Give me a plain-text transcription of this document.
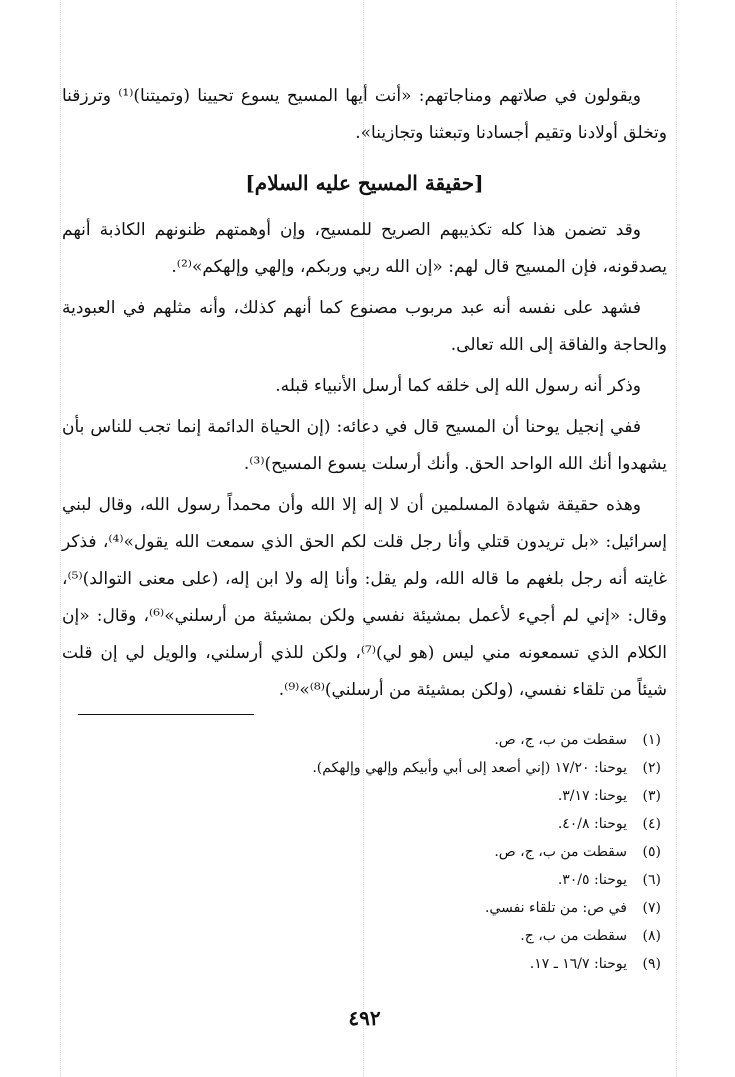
ويقولون في صلاتهم ومناجاتهم: «أنت أيها المسيح يسوع تحيينا (وتميتنا)⁽¹⁾ وترزقنا وتخلق أولادنا وتقيم أجسادنا وتبعثنا وتجازينا».

[حقيقة المسيح عليه السلام]

وقد تضمن هذا كله تكذيبهم الصريح للمسيح، وإن أوهمتهم ظنونهم الكاذبة أنهم يصدقونه، فإن المسيح قال لهم: «إن الله ربي وربكم، وإلهي وإلهكم»⁽²⁾.

فشهد على نفسه أنه عبد مربوب مصنوع كما أنهم كذلك، وأنه مثلهم في العبودية والحاجة والفاقة إلى الله تعالى.

وذكر أنه رسول الله إلى خلقه كما أرسل الأنبياء قبله.

ففي إنجيل يوحنا أن المسيح قال في دعائه: (إن الحياة الدائمة إنما تجب للناس بأن يشهدوا أنك الله الواحد الحق. وأنك أرسلت يسوع المسيح)⁽³⁾.

وهذه حقيقة شهادة المسلمين أن لا إله إلا الله وأن محمداً رسول الله، وقال لبني إسرائيل: «بل تريدون قتلي وأنا رجل قلت لكم الحق الذي سمعت الله يقول»⁽⁴⁾، فذكر غايته أنه رجل بلغهم ما قاله الله، ولم يقل: وأنا إله ولا ابن إله، (على معنى التوالد)⁽⁵⁾، وقال: «إني لم أجيء لأعمل بمشيئة نفسي ولكن بمشيئة من أرسلني»⁽⁶⁾، وقال: «إن الكلام الذي تسمعونه مني ليس (هو لي)⁽⁷⁾، ولكن للذي أرسلني، والويل لي إن قلت شيئاً من تلقاء نفسي، (ولكن بمشيئة من أرسلني)⁽⁸⁾»⁽⁹⁾.

(١)
سقطت من ب، ج، ص.
(٢)
يوحنا: ١٧/٢٠ (إني أصعد إلى أبي وأبيكم وإلهي وإلهكم).
(٣)
يوحنا: ٣/١٧.
(٤)
يوحنا: ٤٠/٨.
(٥)
سقطت من ب، ج، ص.
(٦)
يوحنا: ٣٠/٥.
(٧)
في ص: من تلقاء نفسي.
(٨)
سقطت من ب، ج.
(٩)
يوحنا: ١٦/٧ ـ ١٧.
٤٩٢
